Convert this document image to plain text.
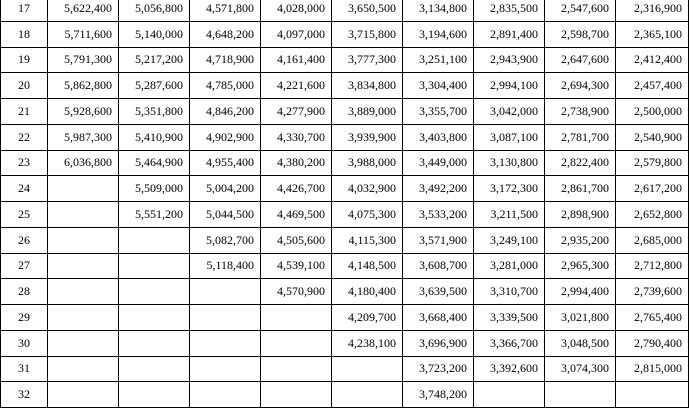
17	5,622,400	5,056,800	4,571,800	4,028,000	3,650,500	3,134,800	2,835,500	2,547,600	2,316,900
18	5,711,600	5,140,000	4,648,200	4,097,000	3,715,800	3,194,600	2,891,400	2,598,700	2,365,100
19	5,791,300	5,217,200	4,718,900	4,161,400	3,777,300	3,251,100	2,943,900	2,647,600	2,412,400
20	5,862,800	5,287,600	4,785,000	4,221,600	3,834,800	3,304,400	2,994,100	2,694,300	2,457,400
21	5,928,600	5,351,800	4,846,200	4,277,900	3,889,000	3,355,700	3,042,000	2,738,900	2,500,000
22	5,987,300	5,410,900	4,902,900	4,330,700	3,939,900	3,403,800	3,087,100	2,781,700	2,540,900
23	6,036,800	5,464,900	4,955,400	4,380,200	3,988,000	3,449,000	3,130,800	2,822,400	2,579,800
24		5,509,000	5,004,200	4,426,700	4,032,900	3,492,200	3,172,300	2,861,700	2,617,200
25		5,551,200	5,044,500	4,469,500	4,075,300	3,533,200	3,211,500	2,898,900	2,652,800
26			5,082,700	4,505,600	4,115,300	3,571,900	3,249,100	2,935,200	2,685,000
27			5,118,400	4,539,100	4,148,500	3,608,700	3,281,000	2,965,300	2,712,800
28				4,570,900	4,180,400	3,639,500	3,310,700	2,994,400	2,739,600
29					4,209,700	3,668,400	3,339,500	3,021,800	2,765,400
30					4,238,100	3,696,900	3,366,700	3,048,500	2,790,400
31						3,723,200	3,392,600	3,074,300	2,815,000
32						3,748,200			
